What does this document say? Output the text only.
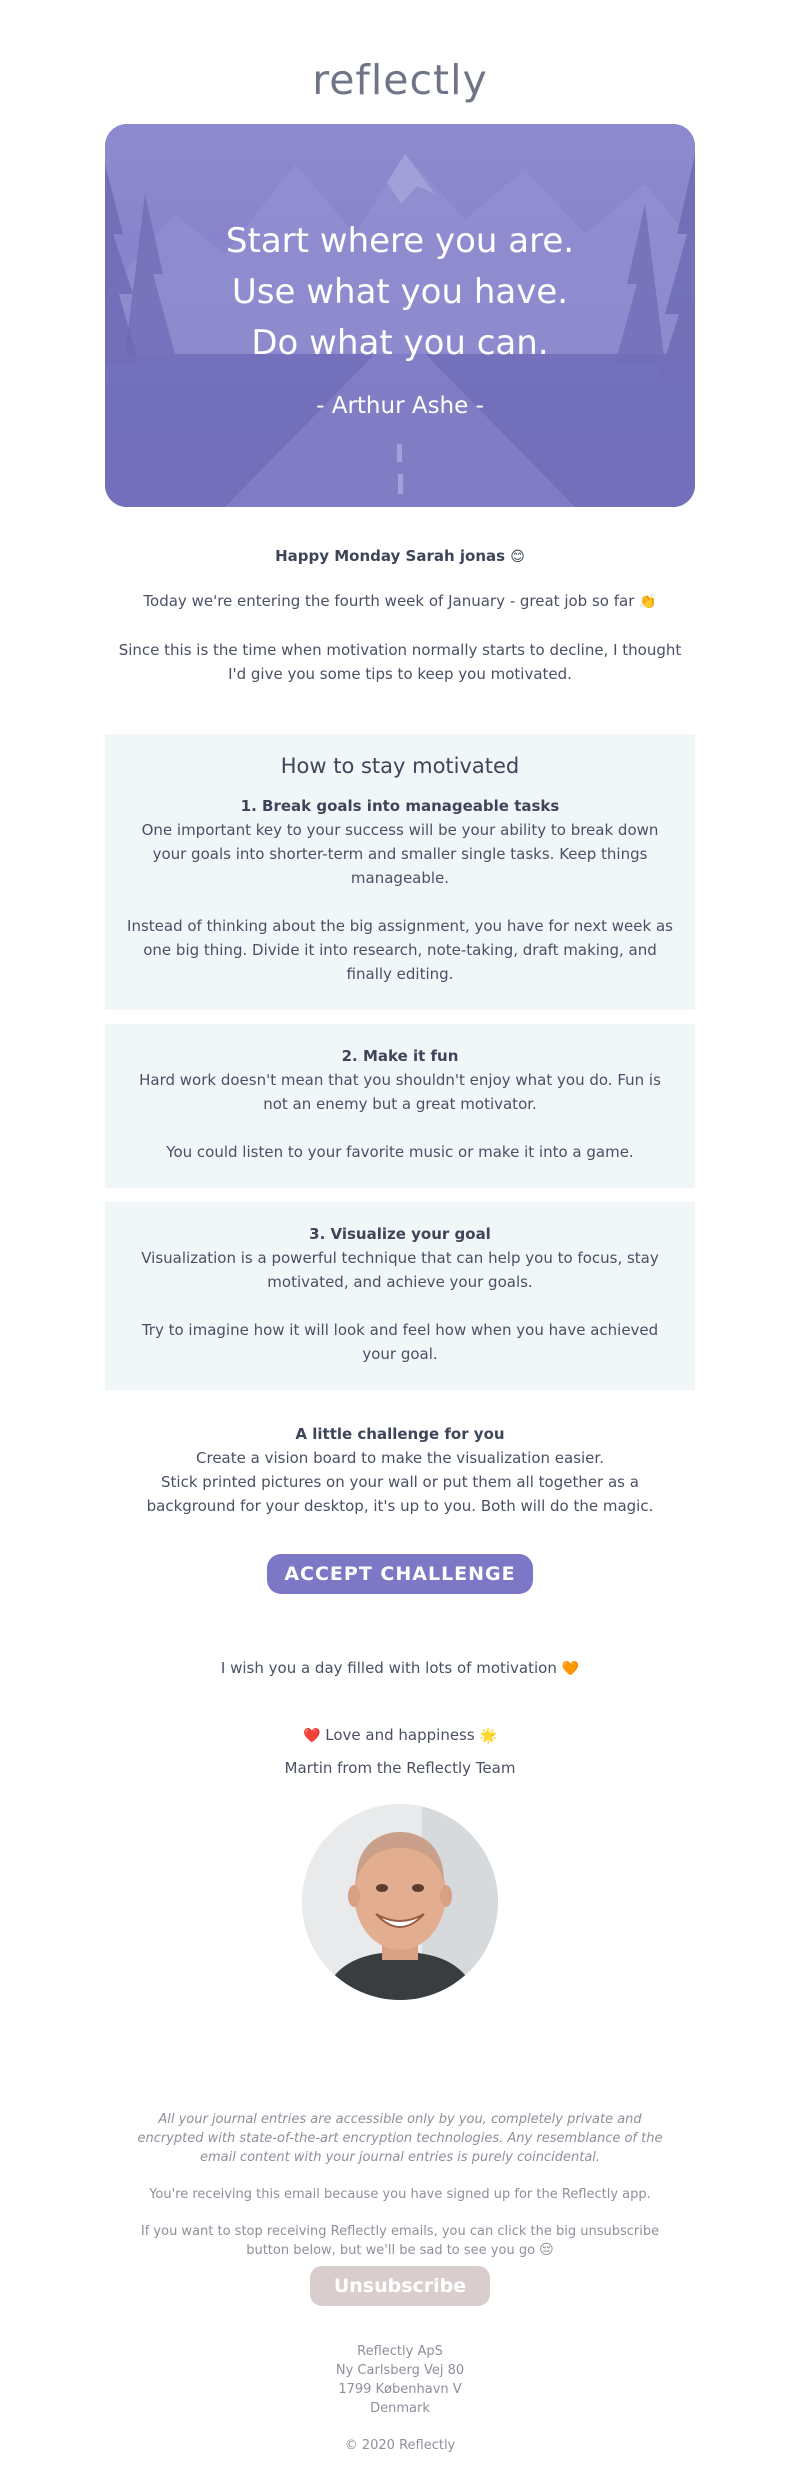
reflectly
Start where you are.
Use what you have.
Do what you can.
- Arthur Ashe -
Happy Monday Sarah jonas 😊

Today we're entering the fourth week of January - great job so far 👏

Since this is the time when motivation normally starts to decline, I thought I'd give you some tips to keep you motivated.

How to stay motivated
1. Break goals into manageable tasks

One important key to your success will be your ability to break down your goals into shorter-term and smaller single tasks. Keep things manageable.

Instead of thinking about the big assignment, you have for next week as one big thing. Divide it into research, note-taking, draft making, and finally editing.

2. Make it fun

Hard work doesn't mean that you shouldn't enjoy what you do. Fun is not an enemy but a great motivator.

You could listen to your favorite music or make it into a game.

3. Visualize your goal

Visualization is a powerful technique that can help you to focus, stay motivated, and achieve your goals.

Try to imagine how it will look and feel how when you have achieved your goal.

A little challenge for you

Create a vision board to make the visualization easier.

Stick printed pictures on your wall or put them all together as a background for your desktop, it's up to you. Both will do the magic.

ACCEPT CHALLENGE

I wish you a day filled with lots of motivation 🧡

❤️ Love and happiness 🌟

Martin from the Reflectly Team

All your journal entries are accessible only by you, completely private and encrypted with state-of-the-art encryption technologies. Any resemblance of the email content with your journal entries is purely coincidental.

You're receiving this email because you have signed up for the Reflectly app.

If you want to stop receiving Reflectly emails, you can click the big unsubscribe button below, but we'll be sad to see you go 😔

Unsubscribe

Reflectly ApS

Ny Carlsberg Vej 80

1799 København V

Denmark

© 2020 Reflectly
